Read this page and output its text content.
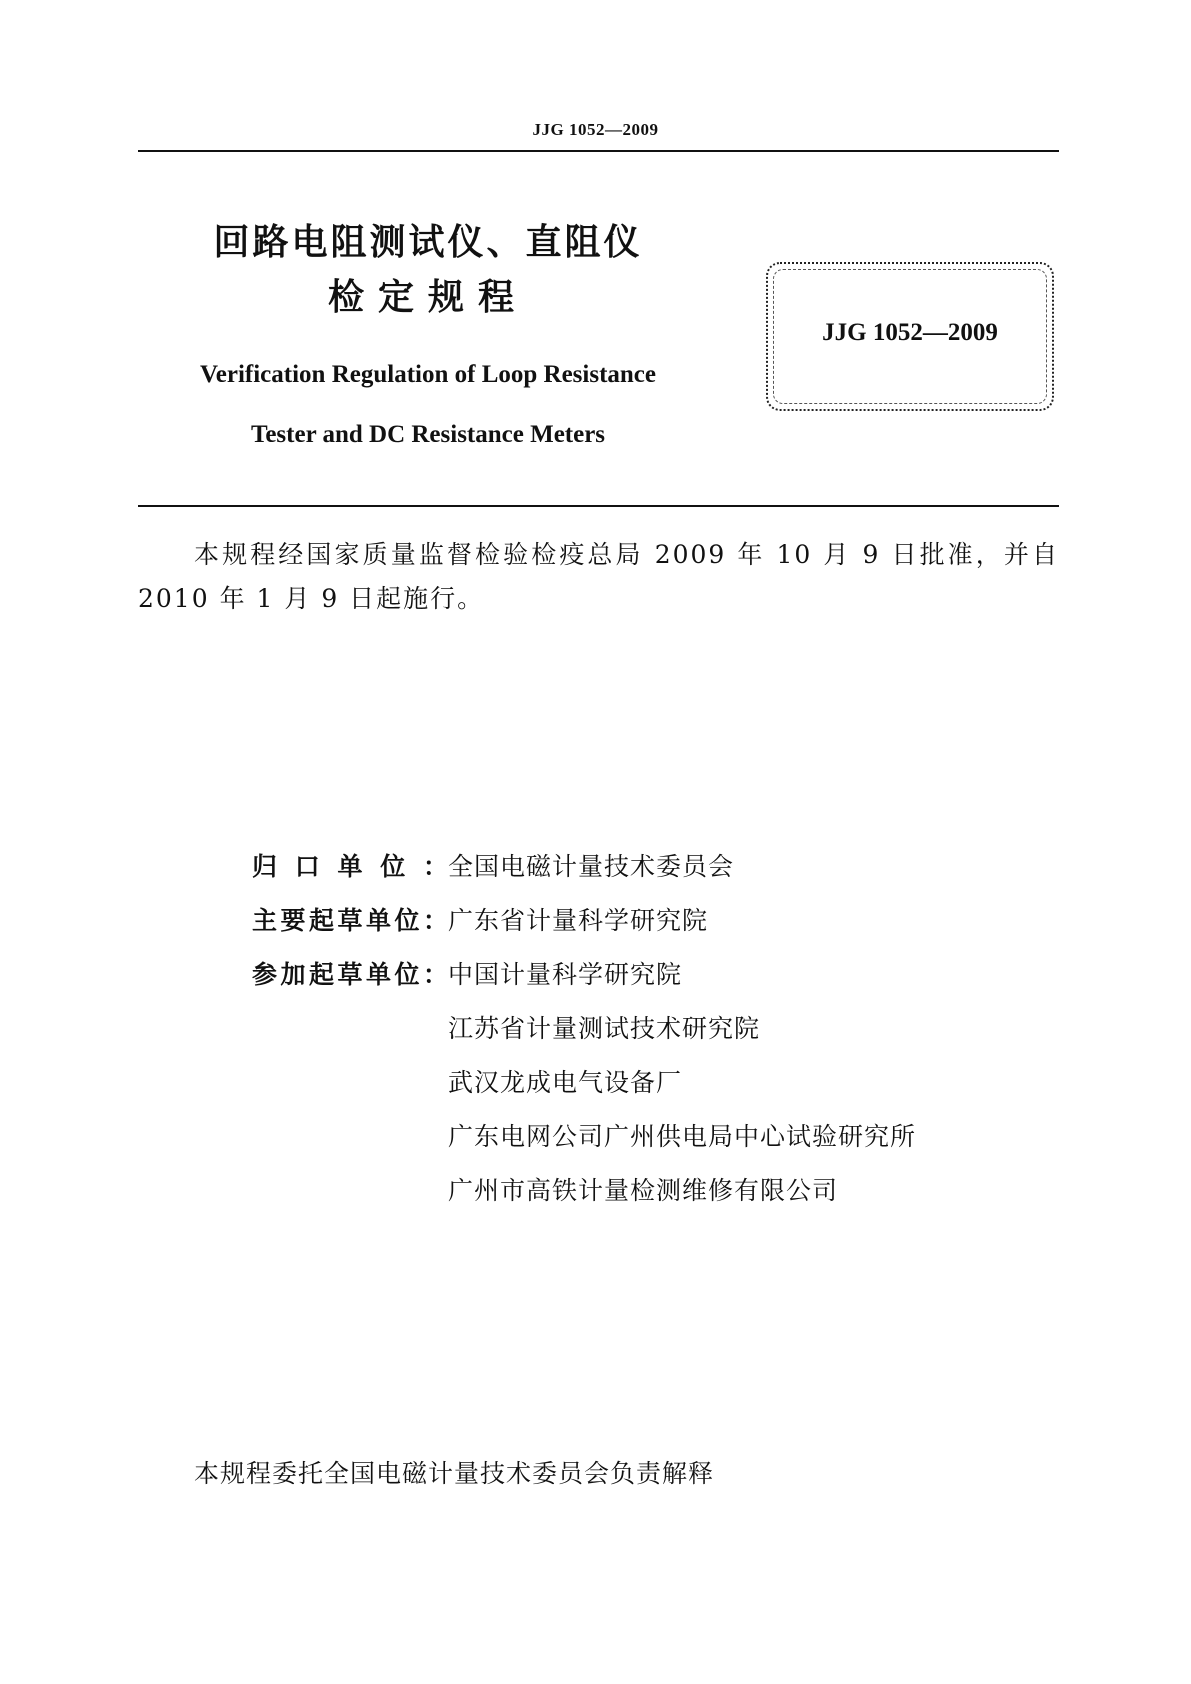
JJG 1052—2009
回路电阻测试仪、直阻仪
检定规程
Verification Regulation of Loop Resistance
Tester and DC Resistance Meters
JJG 1052—2009
本规程经国家质量监督检验检疫总局 2009 年 10 月 9 日批准，并自 2010 年 1 月 9 日起施行。
归口单位：全国电磁计量技术委员会
主要起草单位：广东省计量科学研究院
参加起草单位：中国计量科学研究院
江苏省计量测试技术研究院
武汉龙成电气设备厂
广东电网公司广州供电局中心试验研究所
广州市高铁计量检测维修有限公司
本规程委托全国电磁计量技术委员会负责解释
